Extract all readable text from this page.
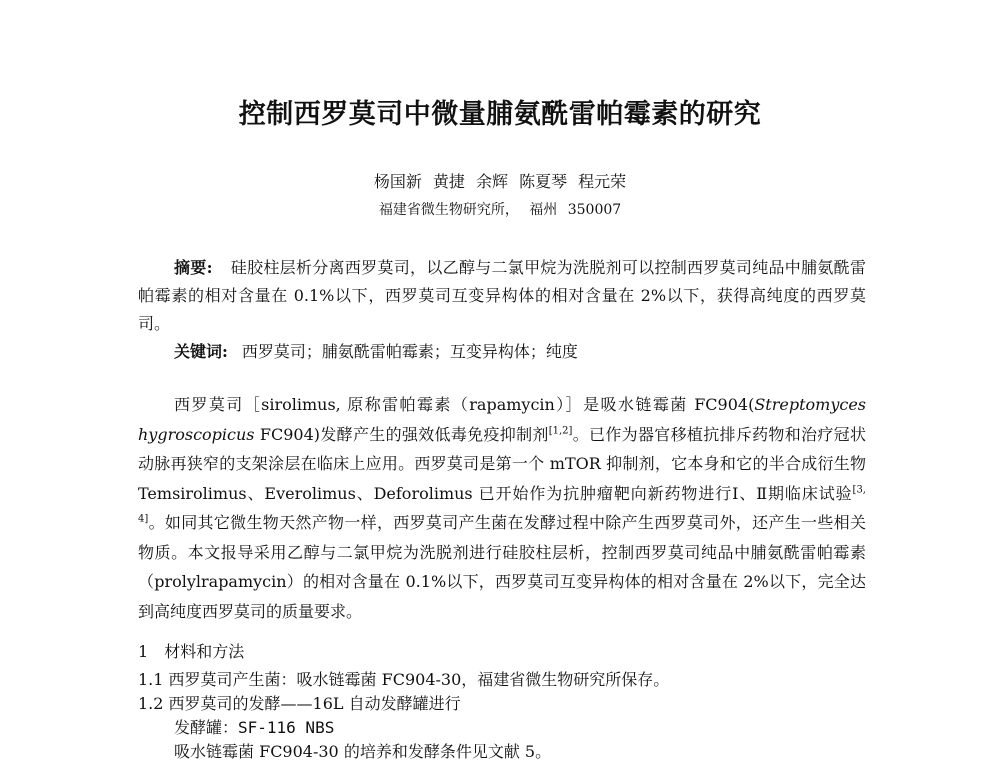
控制西罗莫司中微量脯氨酰雷帕霉素的研究
杨国新 黄捷 余辉 陈夏琴 程元荣
福建省微生物研究所， 福州 350007
摘要: 硅胶柱层析分离西罗莫司，以乙醇与二氯甲烷为洗脱剂可以控制西罗莫司纯品中脯氨酰雷帕霉素的相对含量在 0.1%以下，西罗莫司互变异构体的相对含量在 2%以下，获得高纯度的西罗莫司。
关键词: 西罗莫司；脯氨酰雷帕霉素；互变异构体；纯度
西罗莫司［sirolimus, 原称雷帕霉素（rapamycin）］是吸水链霉菌 FC904(Streptomyces hygroscopicus FC904)发酵产生的强效低毒免疫抑制剂[1,2]。已作为器官移植抗排斥药物和治疗冠状动脉再狭窄的支架涂层在临床上应用。西罗莫司是第一个 mTOR 抑制剂，它本身和它的半合成衍生物 Temsirolimus、Everolimus、Deforolimus 已开始作为抗肿瘤靶向新药物进行Ⅰ、Ⅱ期临床试验[3, 4]。如同其它微生物天然产物一样，西罗莫司产生菌在发酵过程中除产生西罗莫司外，还产生一些相关物质。本文报导采用乙醇与二氯甲烷为洗脱剂进行硅胶柱层析，控制西罗莫司纯品中脯氨酰雷帕霉素（prolylrapamycin）的相对含量在 0.1%以下，西罗莫司互变异构体的相对含量在 2%以下，完全达到高纯度西罗莫司的质量要求。
1 材料和方法
1.1 西罗莫司产生菌：吸水链霉菌 FC904-30，福建省微生物研究所保存。
1.2 西罗莫司的发酵——16L 自动发酵罐进行
发酵罐：SF-116 NBS
吸水链霉菌 FC904-30 的培养和发酵条件见文献 5。
